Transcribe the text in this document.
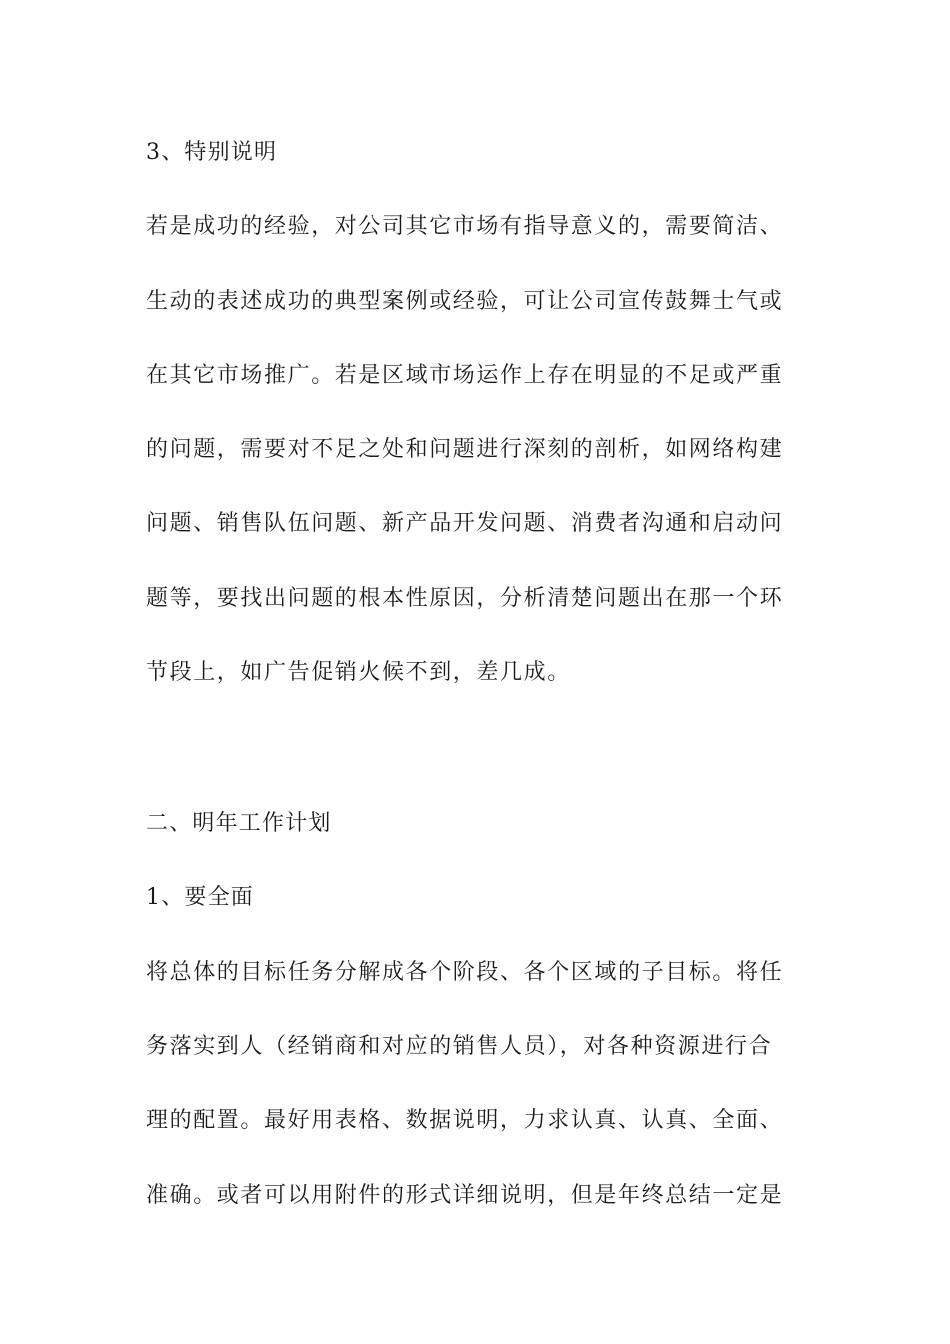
3、特别说明
若是成功的经验，对公司其它市场有指导意义的，需要简洁、
生动的表述成功的典型案例或经验，可让公司宣传鼓舞士气或
在其它市场推广。若是区域市场运作上存在明显的不足或严重
的问题，需要对不足之处和问题进行深刻的剖析，如网络构建
问题、销售队伍问题、新产品开发问题、消费者沟通和启动问
题等，要找出问题的根本性原因，分析清楚问题出在那一个环
节段上，如广告促销火候不到，差几成。
二、明年工作计划
1、要全面
将总体的目标任务分解成各个阶段、各个区域的子目标。将任
务落实到人（经销商和对应的销售人员），对各种资源进行合
理的配置。最好用表格、数据说明，力求认真、认真、全面、
准确。或者可以用附件的形式详细说明，但是年终总结一定是
